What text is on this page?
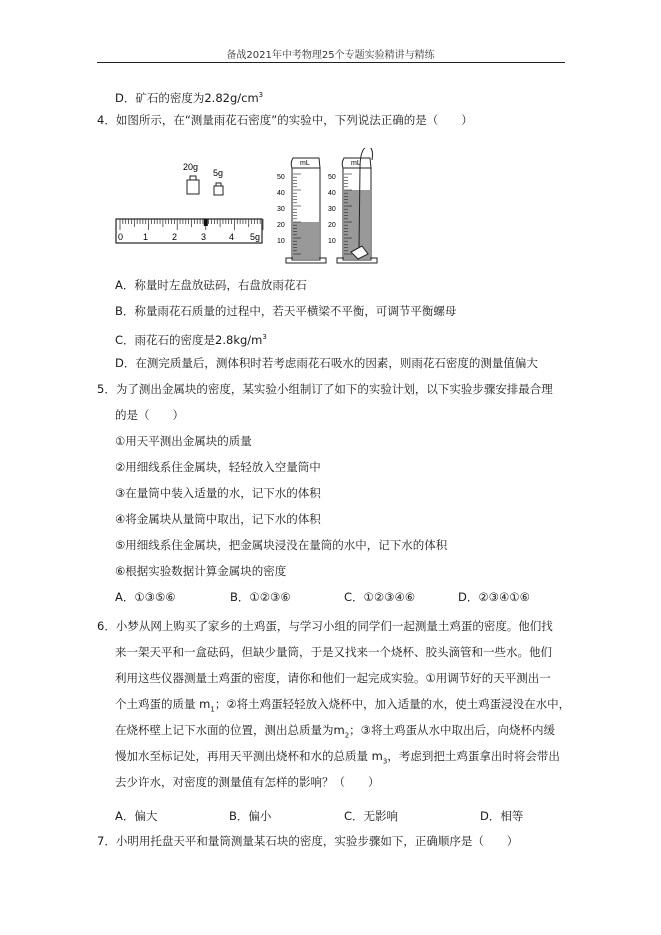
备战2021年中考物理25个专题实验精讲与精练
D．矿石的密度为$2.82g/cm^3$
4．如图所示，在“测量雨花石密度”的实验中，下列说法正确的是（　　）
20g
5g
0 1	2	3	4 5g
mL
50
40
30
20
10
mL
50
40
30
20
10
A．称量时左盘放砝码，右盘放雨花石
B．称量雨花石质量的过程中，若天平横梁不平衡，可调节平衡螺母
C．雨花石的密度是$2.8kg/m^3$
D．在测完质量后，测体积时若考虑雨花石吸水的因素，则雨花石密度的测量值偏大
5．为了测出金属块的密度，某实验小组制订了如下的实验计划，以下实验步骤安排最合理
的是（　　）
①用天平测出金属块的质量
②用细线系住金属块，轻轻放入空量筒中
③在量筒中装入适量的水，记下水的体积
④将金属块从量筒中取出，记下水的体积
⑤用细线系住金属块，把金属块浸没在量筒的水中，记下水的体积
⑥根据实验数据计算金属块的密度
A．①③⑤⑥	B．①②③⑥	C．①②③④⑥	D．②③④①⑥
6．小梦从网上购买了家乡的土鸡蛋，与学习小组的同学们一起测量土鸡蛋的密度。他们找
来一架天平和一盒砝码，但缺少量筒，于是又找来一个烧杯、胶头滴管和一些水。他们
利用这些仪器测量土鸡蛋的密度，请你和他们一起完成实验。①用调节好的天平测出一
个土鸡蛋的质量 $m_1$；②将土鸡蛋轻轻放入烧杯中，加入适量的水，使土鸡蛋浸没在水中，
在烧杯壁上记下水面的位置，测出总质量为$m_2$；③将土鸡蛋从水中取出后，向烧杯内缓
慢加水至标记处，再用天平测出烧杯和水的总质量 $m_3$，考虑到把土鸡蛋拿出时将会带出
去少许水，对密度的测量值有怎样的影响？（　　）
A．偏大	B．偏小	C．无影响	D．相等
7．小明用托盘天平和量筒测量某石块的密度，实验步骤如下，正确顺序是（　　）
